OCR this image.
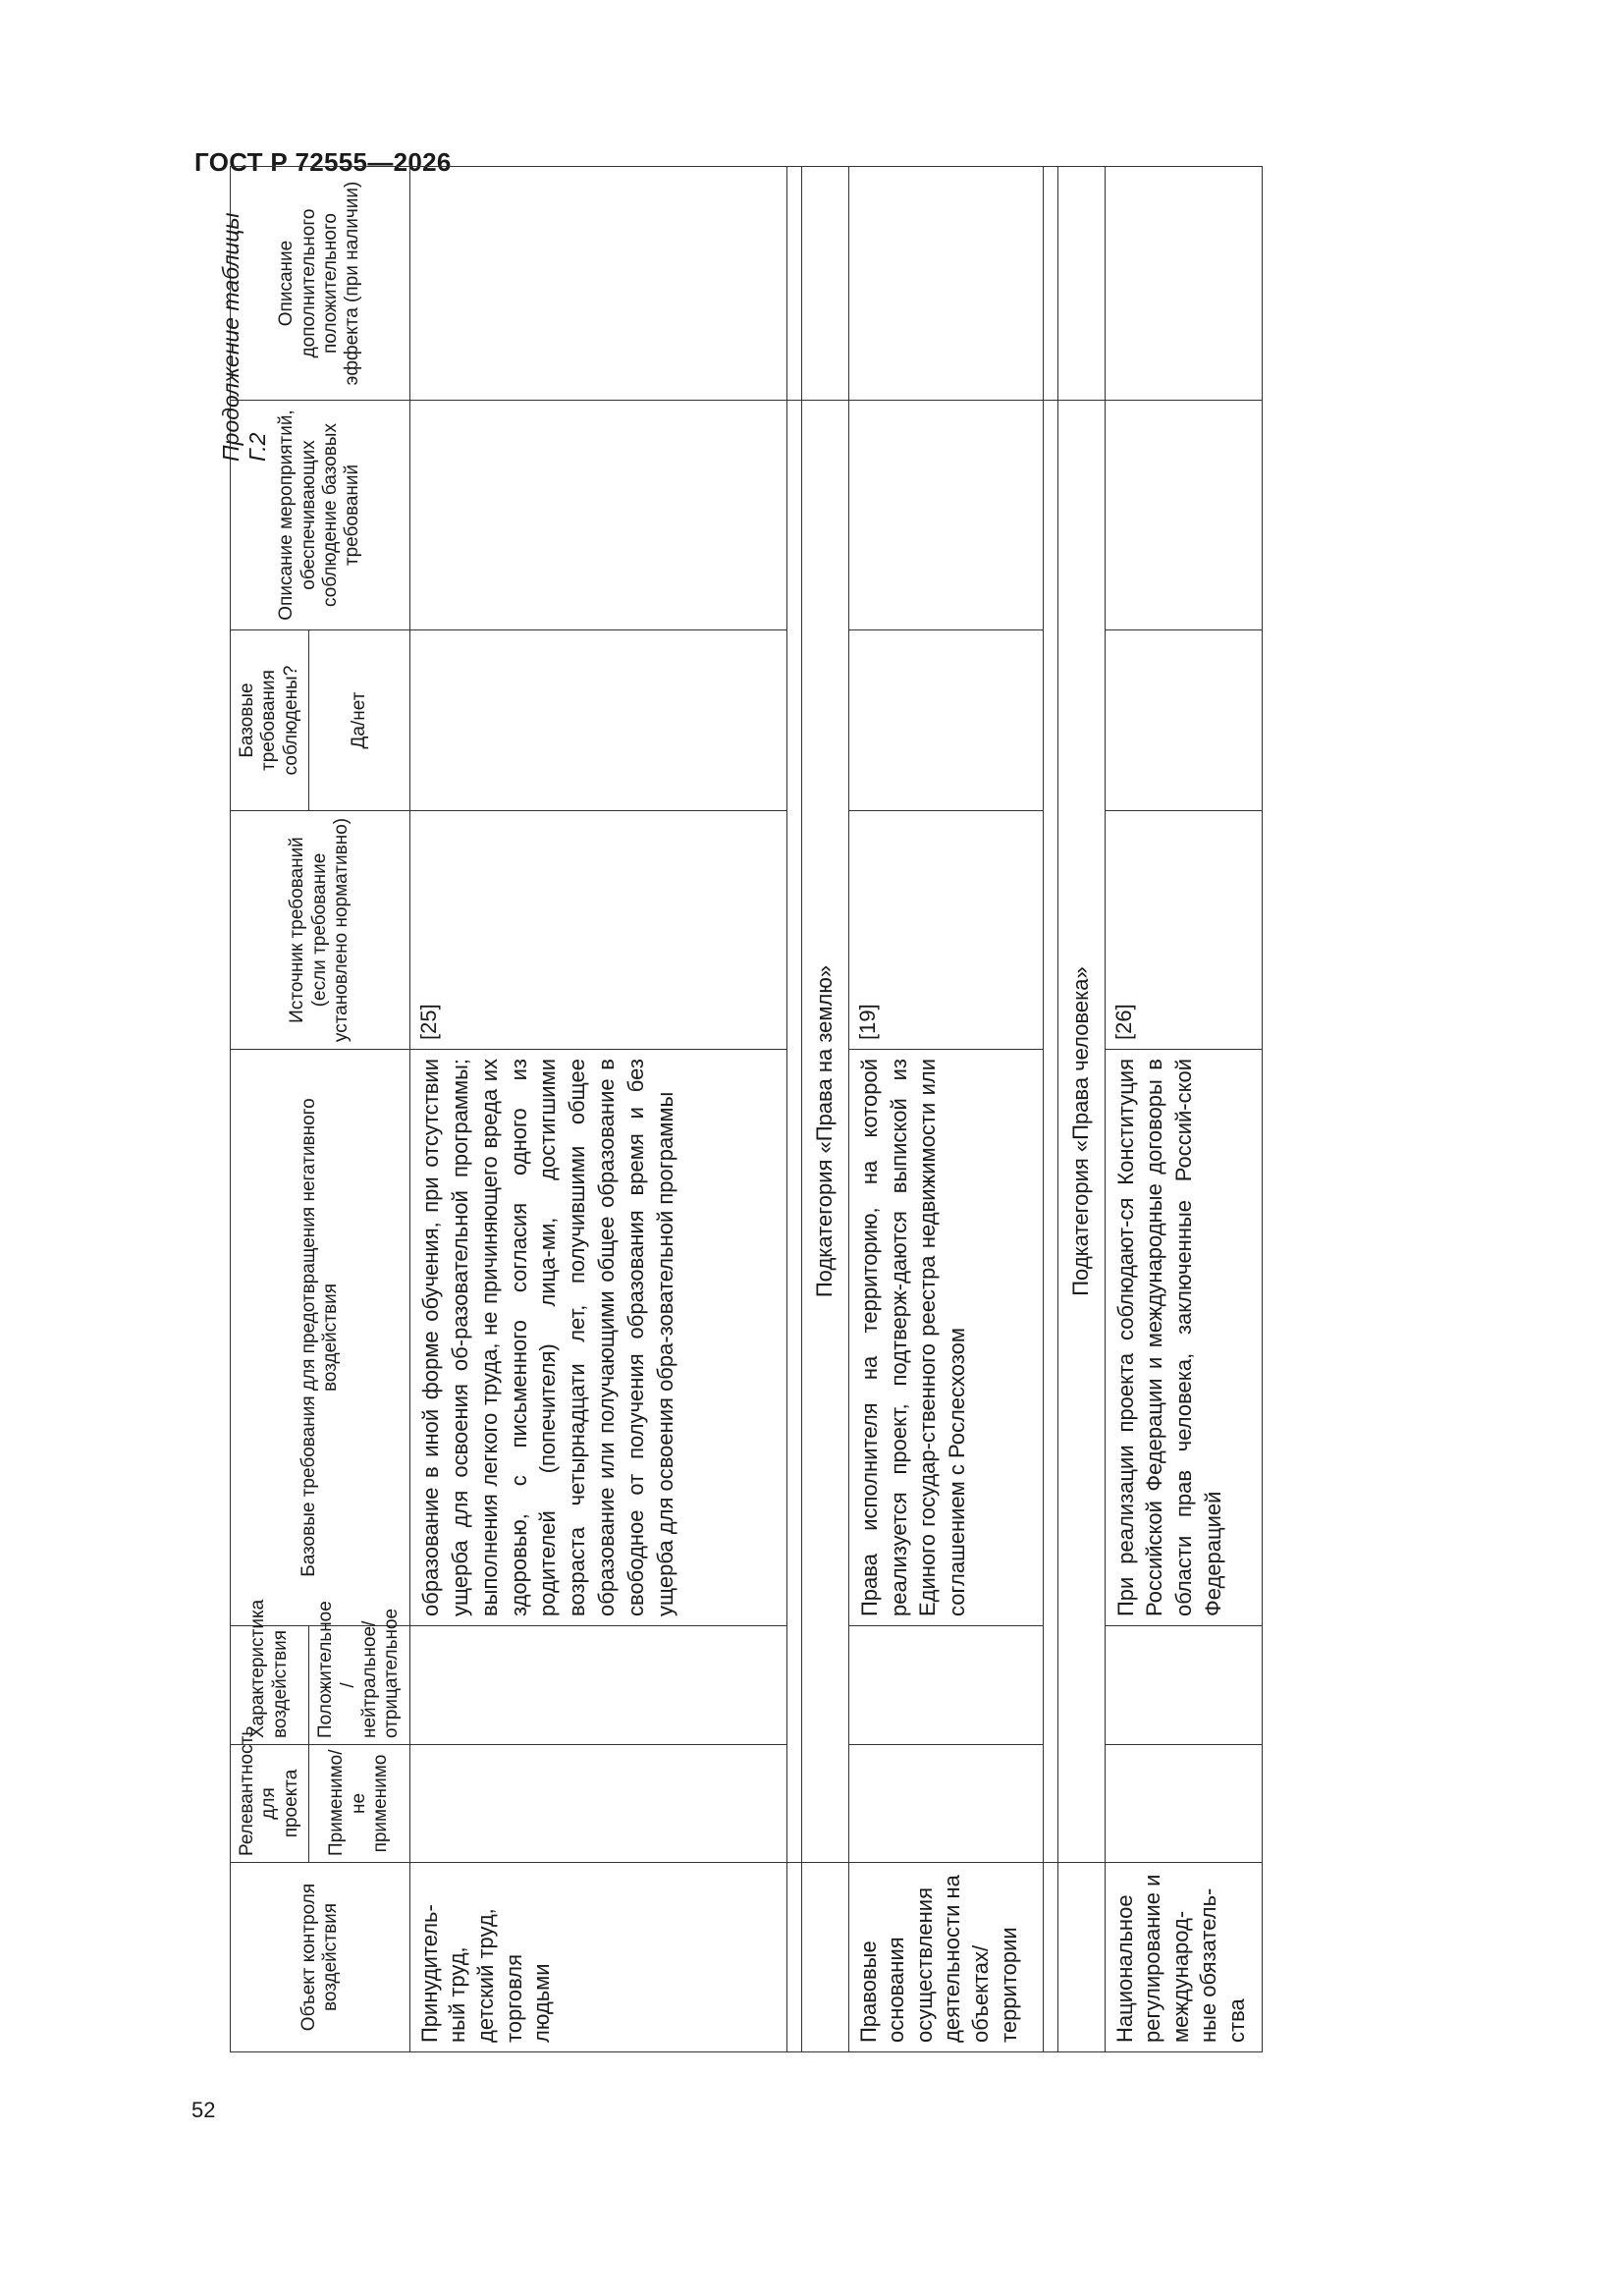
ГОСТ Р 72555—2026
52
Объект контроля воздействия	Релевантность для проекта	Характеристика воздействия	Базовые требования для предотвращения негативного воздействия	Источник требований (если требование установлено нормативно)	Базовые требования соблюдены?	Описание мероприятий, обеспечивающих соблюдение базовых требований	Описание дополнительного положительного эффекта (при наличии)
	Применимо/ не применимо	Положительное /нейтральное/ отрицательное			Да/нет		
Принудитель-ный труд, детский труд, торговля людьми			образование в иной форме обучения, при отсутствии ущерба для освоения об-разовательной программы; выполнения легкого труда, не причиняющего вреда их здоровью, с письменного согласия одного из родителей (попечителя) лица-ми, достигшими возраста четырнадцати лет, получившими общее образование или получающими общее образование в свободное от получения образования время и без ущерба для освоения обра-зовательной программы	[25]			

	Подкатегория «Права на землю»						
Правовые основания осуществления деятельности на объектах/ территории			Права исполнителя на территорию, на которой реализуется проект, подтверж-даются выпиской из Единого государ-ственного реестра недвижимости или соглашением с Рослесхозом	[19]			

	Подкатегория «Права человека»						
Национальное регулирование и международ-ные обязатель-ства			При реализации проекта соблюдают-ся Конституция Российской Федерации и международные договоры в области прав человека, заключенные Россий-ской Федерацией	[26]			
Продолжение таблицы Г.2
